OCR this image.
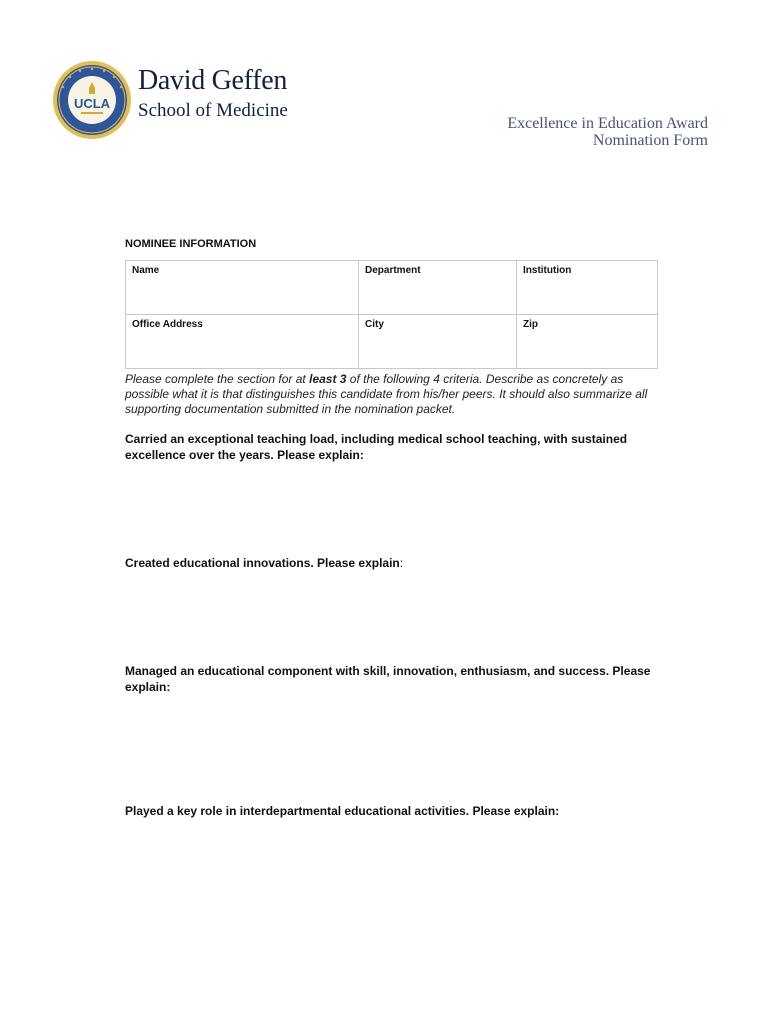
UCLA
David Geffen
School of Medicine
Excellence in Education Award
Nomination Form
NOMINEE INFORMATION
Name	Department	Institution
Office Address	City	Zip
Please complete the section for at least 3 of the following 4 criteria. Describe as concretely as possible what it is that distinguishes this candidate from his/her peers. It should also summarize all supporting documentation submitted in the nomination packet.
Carried an exceptional teaching load, including medical school teaching, with sustained excellence over the years. Please explain:
Created educational innovations. Please explain:
Managed an educational component with skill, innovation, enthusiasm, and success. Please explain:
Played a key role in interdepartmental educational activities. Please explain:
